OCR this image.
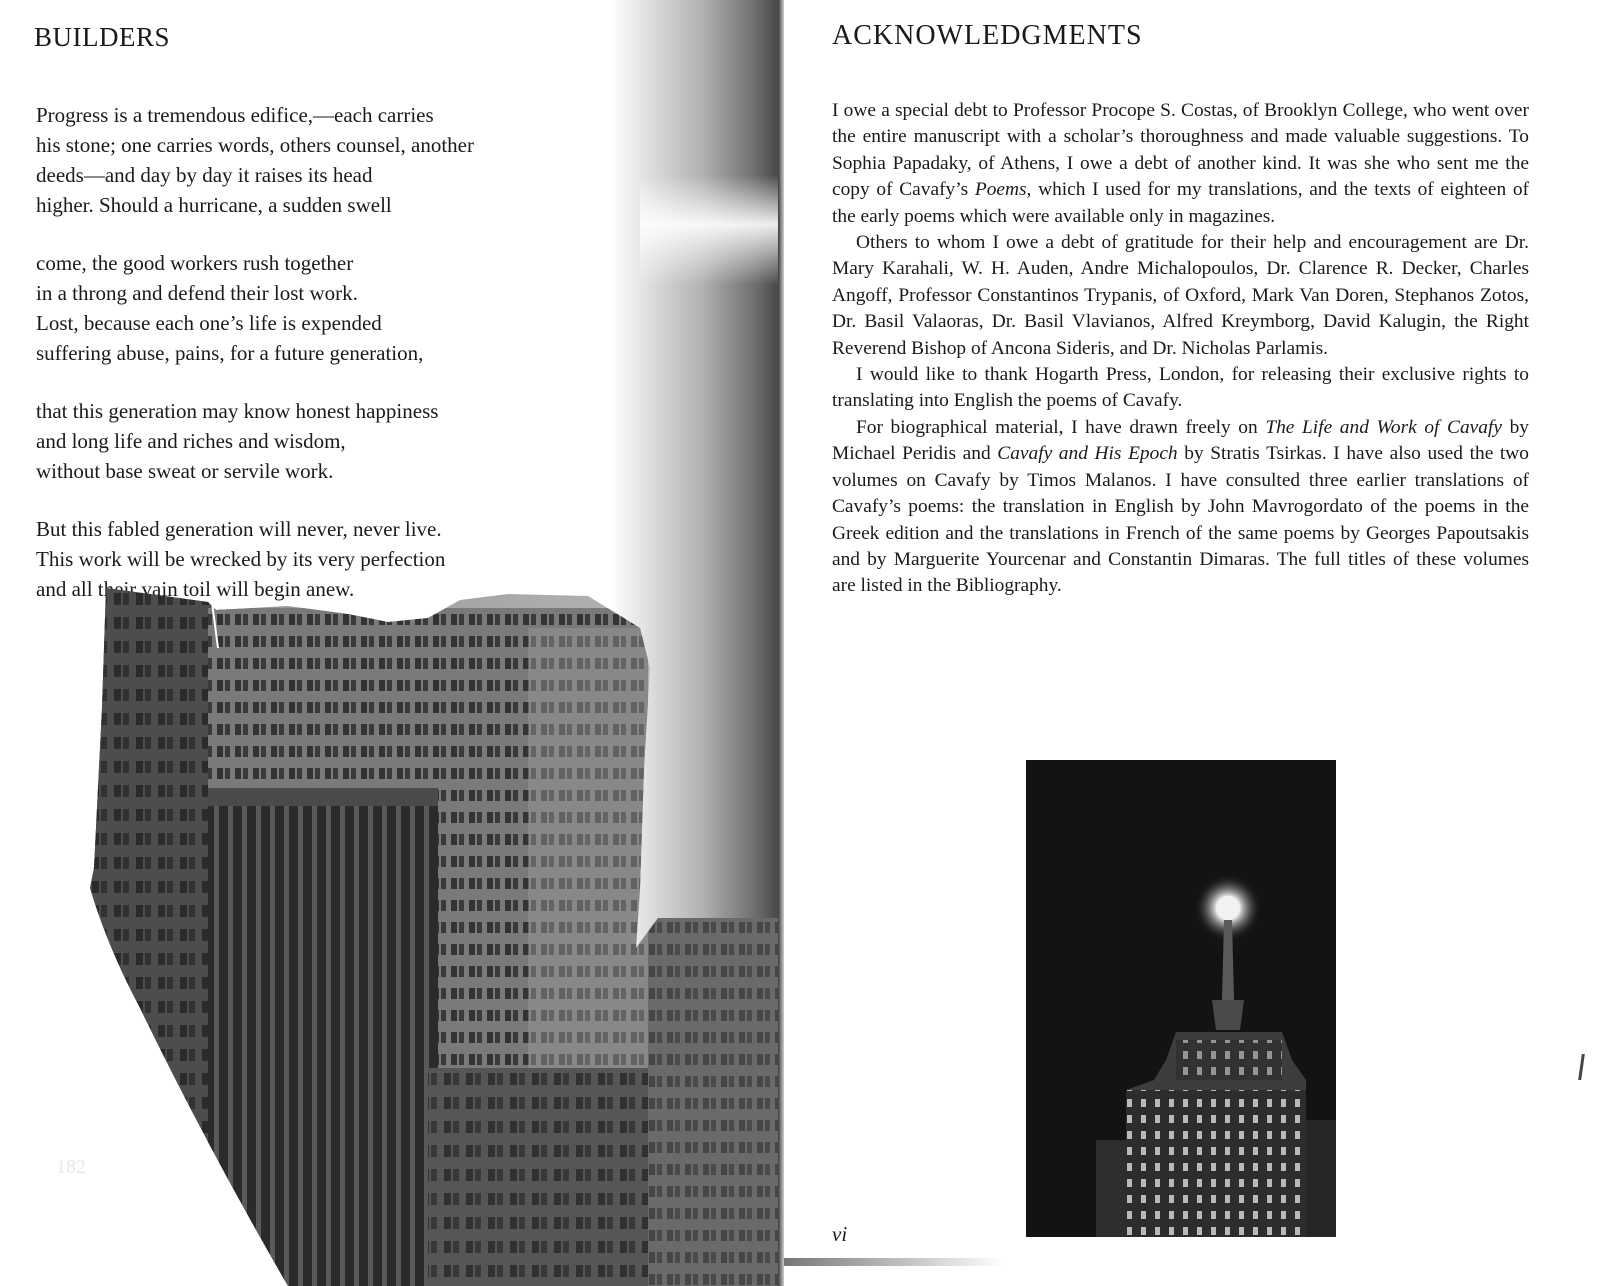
BUILDERS
Progress is a tremendous edifice,—each carries
his stone; one carries words, others counsel, another
deeds—and day by day it raises its head
higher. Should a hurricane, a sudden swell
come, the good workers rush together
in a throng and defend their lost work.
Lost, because each one’s life is expended
suffering abuse, pains, for a future generation,
that this generation may know honest happiness
and long life and riches and wisdom,
without base sweat or servile work.
But this fabled generation will never, never live.
This work will be wrecked by its very perfection
and all their vain toil will begin anew.

182

ACKNOWLEDGMENTS

I owe a special debt to Professor Procope S. Costas, of Brooklyn College, who went over the entire manuscript with a scholar’s thoroughness and made valuable suggestions. To Sophia Papadaky, of Athens, I owe a debt of another kind. It was she who sent me the copy of Cavafy’s Poems, which I used for my translations, and the texts of eighteen of the early poems which were available only in magazines.

Others to whom I owe a debt of gratitude for their help and encouragement are Dr. Mary Karahali, W. H. Auden, Andre Michalopoulos, Dr. Clarence R. Decker, Charles Angoff, Professor Constantinos Trypanis, of Oxford, Mark Van Doren, Stephanos Zotos, Dr. Basil Valaoras, Dr. Basil Vlavianos, Alfred Kreymborg, David Kalugin, the Right Reverend Bishop of Ancona Sideris, and Dr. Nicholas Parlamis.

I would like to thank Hogarth Press, London, for releasing their exclusive rights to translating into English the poems of Cavafy.

For biographical material, I have drawn freely on The Life and Work of Cavafy by Michael Peridis and Cavafy and His Epoch by Stratis Tsirkas. I have also used the two volumes on Cavafy by Timos Malanos. I have consulted three earlier translations of Cavafy’s poems: the translation in English by John Mavrogordato of the poems in the Greek edition and the translations in French of the same poems by Georges Papoutsakis and by Marguerite Yourcenar and Constantin Dimaras. The full titles of these volumes are listed in the Bibliography.

vi
